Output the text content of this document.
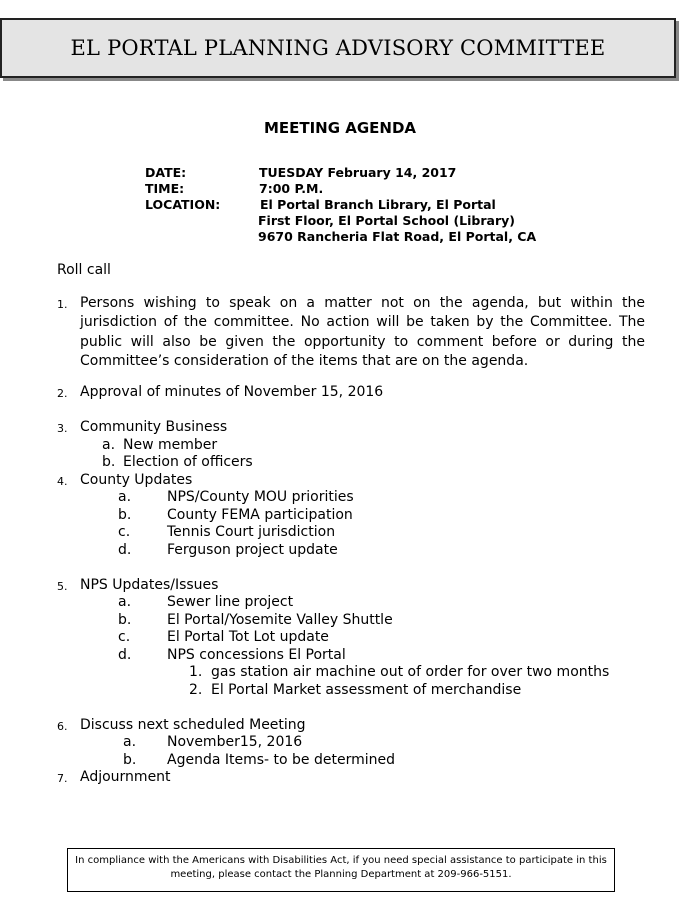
EL PORTAL PLANNING ADVISORY COMMITTEE
MEETING AGENDA
DATE:	TUESDAY February 14, 2017
TIME:	7:00 P.M.
LOCATION:	El Portal Branch Library, El Portal
First Floor, El Portal School (Library)
9670 Rancheria Flat Road, El Portal, CA
Roll call
1. Persons wishing to speak on a matter not on the agenda, but within the jurisdiction of the committee. No action will be taken by the Committee. The public will also be given the opportunity to comment before or during the Committee’s consideration of the items that are on the agenda.
2. Approval of minutes of November 15, 2016
3. Community Business
a. New member
b. Election of officers
4. County Updates
a.	NPS/County MOU priorities
b.	County FEMA participation
c.	Tennis Court jurisdiction
d.	Ferguson project update
5. NPS Updates/Issues
a.	Sewer line project
b.	El Portal/Yosemite Valley Shuttle
c.	El Portal Tot Lot update
d.	NPS concessions El Portal
1. gas station air machine out of order for over two months
2. El Portal Market assessment of merchandise
6. Discuss next scheduled Meeting
a. November15, 2016
b. Agenda Items- to be determined
7. Adjournment
In compliance with the Americans with Disabilities Act, if you need special assistance to participate in this
meeting, please contact the Planning Department at 209-966-5151.
